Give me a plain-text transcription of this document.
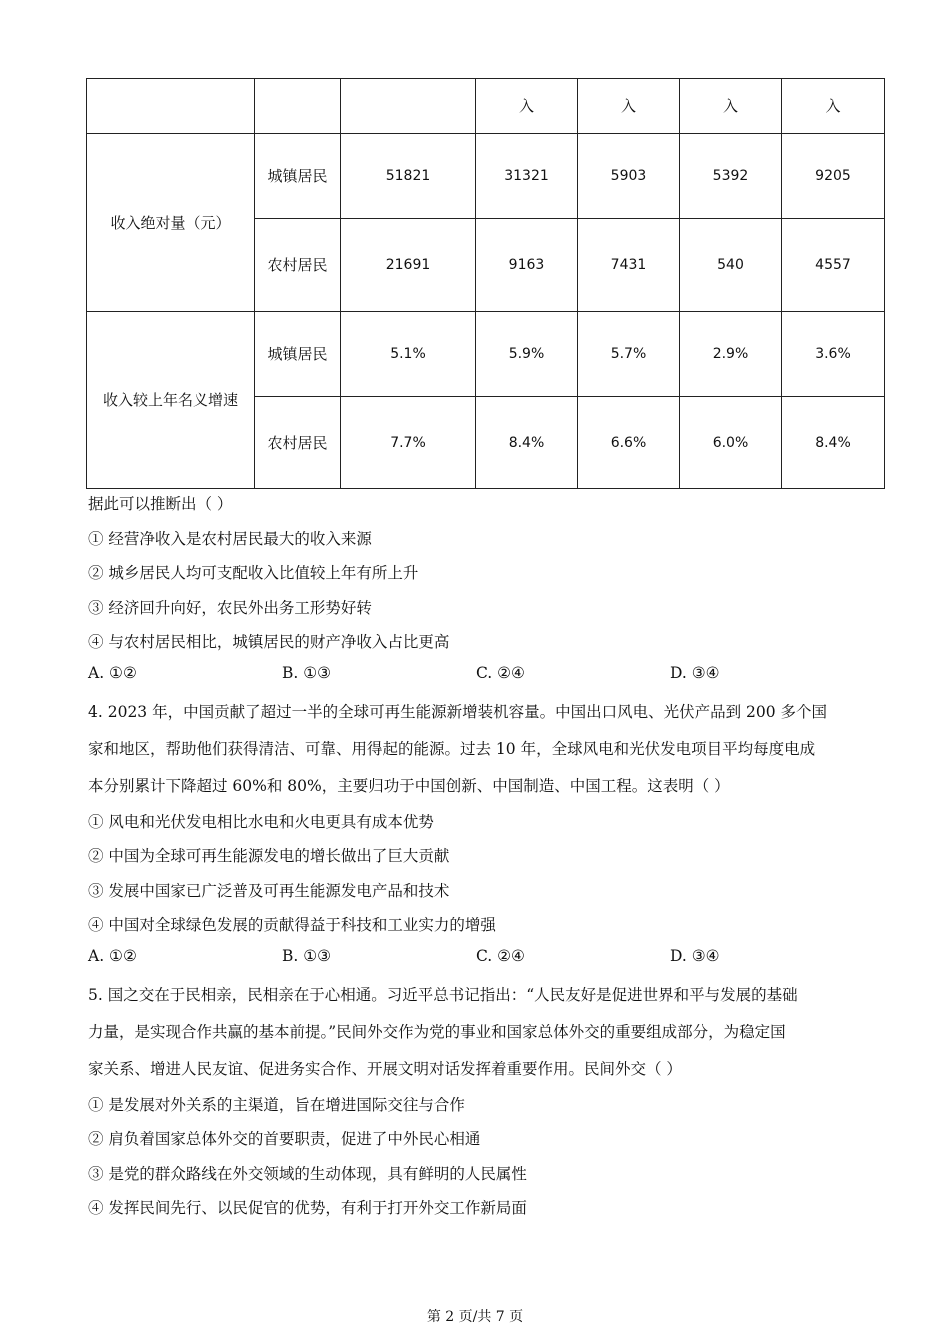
			入	入	入	入
收入绝对量（元）	城镇居民	51821	31321	5903	5392	9205
	农村居民	21691	9163	7431	540	4557
收入较上年名义增速	城镇居民	5.1%	5.9%	5.7%	2.9%	3.6%
	农村居民	7.7%	8.4%	6.6%	6.0%	8.4%
据此可以推断出（ ）
① 经营净收入是农村居民最大的收入来源
② 城乡居民人均可支配收入比值较上年有所上升
③ 经济回升向好，农民外出务工形势好转
④ 与农村居民相比，城镇居民的财产净收入占比更高
A. ①②	B. ①③	C. ②④	D. ③④
4. 2023 年，中国贡献了超过一半的全球可再生能源新增装机容量。中国出口风电、光伏产品到 200 多个国
家和地区，帮助他们获得清洁、可靠、用得起的能源。过去 10 年，全球风电和光伏发电项目平均每度电成
本分别累计下降超过 60%和 80%，主要归功于中国创新、中国制造、中国工程。这表明（ ）
① 风电和光伏发电相比水电和火电更具有成本优势
② 中国为全球可再生能源发电的增长做出了巨大贡献
③ 发展中国家已广泛普及可再生能源发电产品和技术
④ 中国对全球绿色发展的贡献得益于科技和工业实力的增强
A. ①②	B. ①③	C. ②④	D. ③④
5. 国之交在于民相亲，民相亲在于心相通。习近平总书记指出：“人民友好是促进世界和平与发展的基础
力量，是实现合作共赢的基本前提。”民间外交作为党的事业和国家总体外交的重要组成部分，为稳定国
家关系、增进人民友谊、促进务实合作、开展文明对话发挥着重要作用。民间外交（ ）
① 是发展对外关系的主渠道，旨在增进国际交往与合作
② 肩负着国家总体外交的首要职责，促进了中外民心相通
③ 是党的群众路线在外交领域的生动体现，具有鲜明的人民属性
④ 发挥民间先行、以民促官的优势，有利于打开外交工作新局面
第 2 页/共 7 页
